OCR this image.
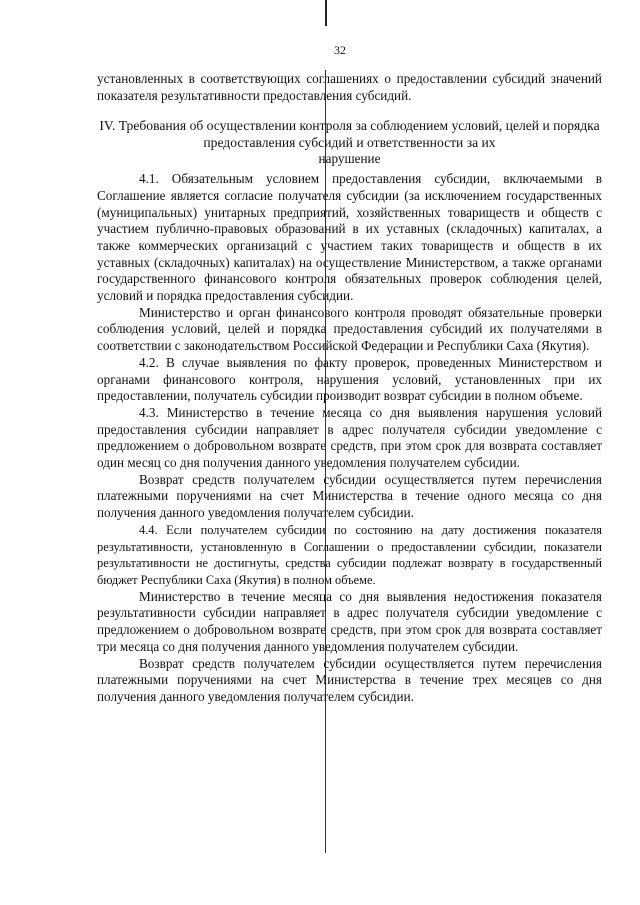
32

установленных в соответствующих соглашениях о предоставлении субсидий значений показателя результативности предоставления субсидий.

IV. Требования об осуществлении контроля за соблюдением условий, целей и порядка предоставления субсидий и ответственности за их

нарушение

4.1. Обязательным условием предоставления субсидии, включаемыми в Соглашение является согласие получателя субсидии (за исключением государственных (муниципальных) унитарных предприятий, хозяйственных товариществ и обществ с участием публично-правовых образований в их уставных (складочных) капиталах, а также коммерческих организаций с участием таких товариществ и обществ в их уставных (складочных) капиталах) на осуществление Министерством, а также органами государственного финансового контроля обязательных проверок соблюдения целей, условий и порядка предоставления субсидии.

Министерство и орган финансового контроля проводят обязательные проверки соблюдения условий, целей и порядка предоставления субсидий их получателями в соответствии с законодательством Российской Федерации и Республики Саха (Якутия).

4.2. В случае выявления по факту проверок, проведенных Министерством и органами финансового контроля, нарушения условий, установленных при их предоставлении, получатель субсидии производит возврат субсидии в полном объеме.

4.3. Министерство в течение месяца со дня выявления нарушения условий предоставления субсидии направляет в адрес получателя субсидии уведомление с предложением о добровольном возврате средств, при этом срок для возврата составляет один месяц со дня получения данного уведомления получателем субсидии.

Возврат средств получателем субсидии осуществляется путем перечисления платежными поручениями на счет Министерства в течение одного месяца со дня получения данного уведомления получателем субсидии.

4.4. Если получателем субсидии по состоянию на дату достижения показателя результативности, установленную в Соглашении о предоставлении субсидии, показатели результативности не достигнуты, средства субсидии подлежат возврату в государственный бюджет Республики Саха (Якутия) в полном объеме.

Министерство в течение месяца со дня выявления недостижения показателя результативности субсидии направляет в адрес получателя субсидии уведомление с предложением о добровольном возврате средств, при этом срок для возврата составляет три месяца со дня получения данного уведомления получателем субсидии.

Возврат средств получателем субсидии осуществляется путем перечисления платежными поручениями на счет Министерства в течение трех месяцев со дня получения данного уведомления получателем субсидии.
